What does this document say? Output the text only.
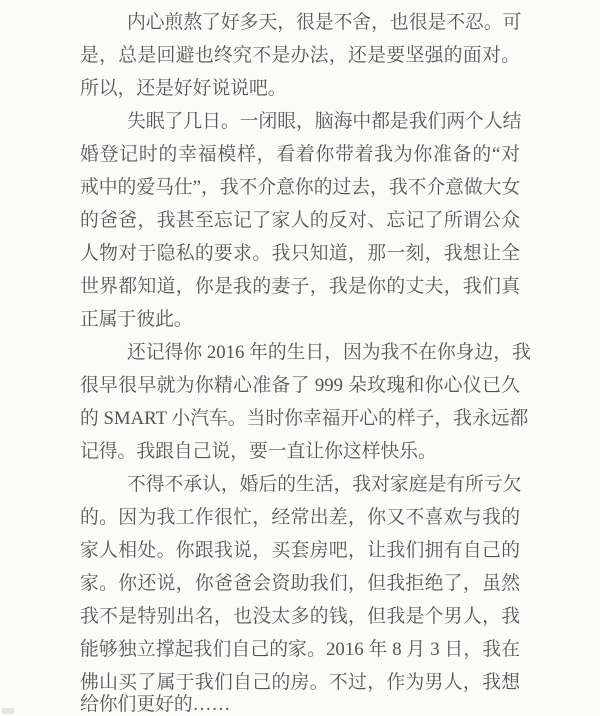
内心煎熬了好多天，很是不舍，也很是不忍。可
是，总是回避也终究不是办法，还是要坚强的面对。
所以，还是好好说说吧。

失眠了几日。一闭眼，脑海中都是我们两个人结
婚登记时的幸福模样，看着你带着我为你准备的“对
戒中的爱马仕”，我不介意你的过去，我不介意做大女
的爸爸，我甚至忘记了家人的反对、忘记了所谓公众
人物对于隐私的要求。我只知道，那一刻，我想让全
世界都知道，你是我的妻子，我是你的丈夫，我们真
正属于彼此。

还记得你 2016 年的生日，因为我不在你身边，我
很早很早就为你精心准备了 999 朵玫瑰和你心仪已久
的 SMART 小汽车。当时你幸福开心的样子，我永远都
记得。我跟自己说，要一直让你这样快乐。

不得不承认，婚后的生活，我对家庭是有所亏欠
的。因为我工作很忙，经常出差，你又不喜欢与我的
家人相处。你跟我说，买套房吧，让我们拥有自己的
家。你还说，你爸爸会资助我们，但我拒绝了，虽然
我不是特别出名，也没太多的钱，但我是个男人，我
能够独立撑起我们自己的家。2016 年 8 月 3 日，我在
佛山买了属于我们自己的房。不过，作为男人，我想
给你们更好的……
